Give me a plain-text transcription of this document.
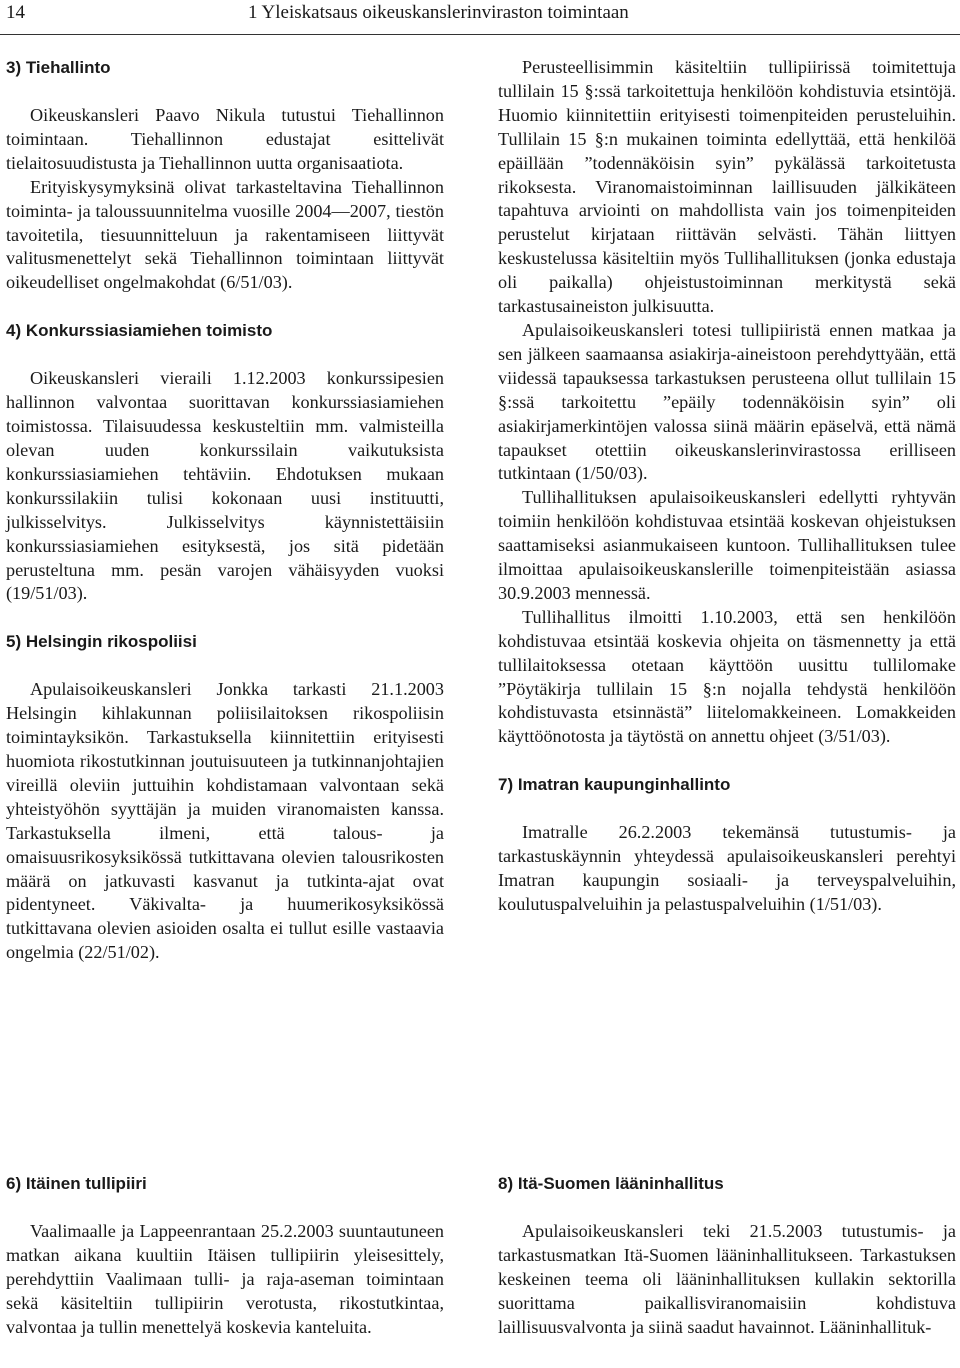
14	1 Yleiskatsaus oikeuskanslerinviraston toimintaan
3) Tiehallinto

Oikeuskansleri Paavo Nikula tutustui Tiehallinnon toimintaan. Tiehallinnon edustajat esittelivät tielaitosuudistusta ja Tiehallinnon uutta organisaatiota.

Erityiskysymyksinä olivat tarkasteltavina Tiehallinnon toiminta- ja taloussuunnitelma vuosille 2004—2007, tiestön tavoitetila, tiesuunnitteluun ja rakentamiseen liittyvät valitusmenettelyt sekä Tiehallinnon toimintaan liittyvät oikeudelliset ongelmakohdat (6/51/03).

4) Konkurssiasiamiehen toimisto

Oikeuskansleri vieraili 1.12.2003 konkurssipesien hallinnon valvontaa suorittavan konkurssiasiamiehen toimistossa. Tilaisuudessa keskusteltiin mm. valmisteilla olevan uuden konkurssilain vaikutuksista konkurssiasiamiehen tehtäviin. Ehdotuksen mukaan konkurssilakiin tulisi kokonaan uusi instituutti, julkisselvitys. Julkisselvitys käynnistettäisiin konkurssiasiamiehen esityksestä, jos sitä pidetään perusteltuna mm. pesän varojen vähäisyyden vuoksi (19/51/03).

5) Helsingin rikospoliisi

Apulaisoikeuskansleri Jonkka tarkasti 21.1.2003 Helsingin kihlakunnan poliisilaitoksen rikospoliisin toimintayksikön. Tarkastuksella kiinnitettiin erityisesti huomiota rikostutkinnan joutuisuuteen ja tutkinnanjohtajien vireillä oleviin juttuihin kohdistamaan valvontaan sekä yhteistyöhön syyttäjän ja muiden viranomaisten kanssa. Tarkastuksella ilmeni, että talous- ja omaisuusrikosyksikössä tutkittavana olevien talousrikosten määrä on jatkuvasti kasvanut ja tutkinta-ajat ovat pidentyneet. Väkivalta- ja huumerikosyksikössä tutkittavana olevien asioiden osalta ei tullut esille vastaavia ongelmia (22/51/02).

Perusteellisimmin käsiteltiin tullipiirissä toimitettuja tullilain 15 §:ssä tarkoitettuja henkilöön kohdistuvia etsintöjä. Huomio kiinnitettiin erityisesti toimenpiteiden perusteluihin. Tullilain 15 §:n mukainen toiminta edellyttää, että henkilöä epäillään ”todennäköisin syin” pykälässä tarkoitetusta rikoksesta. Viranomaistoiminnan laillisuuden jälkikäteen tapahtuva arviointi on mahdollista vain jos toimenpiteiden perustelut kirjataan riittävän selvästi. Tähän liittyen keskustelussa käsiteltiin myös Tullihallituksen (jonka edustaja oli paikalla) ohjeistustoiminnan merkitystä sekä tarkastusaineiston julkisuutta.

Apulaisoikeuskansleri totesi tullipiiristä ennen matkaa ja sen jälkeen saamaansa asiakirja-aineistoon perehdyttyään, että viidessä tapauksessa tarkastuksen perusteena ollut tullilain 15 §:ssä tarkoitettu ”epäily todennäköisin syin” oli asiakirjamerkintöjen valossa siinä määrin epäselvä, että nämä tapaukset otettiin oikeuskanslerinvirastossa erilliseen tutkintaan (1/50/03).

Tullihallituksen apulaisoikeuskansleri edellytti ryhtyvän toimiin henkilöön kohdistuvaa etsintää koskevan ohjeistuksen saattamiseksi asianmukaiseen kuntoon. Tullihallituksen tulee ilmoittaa apulaisoikeuskanslerille toimenpiteistään asiassa 30.9.2003 mennessä.

Tullihallitus ilmoitti 1.10.2003, että sen henkilöön kohdistuvaa etsintää koskevia ohjeita on täsmennetty ja että tullilaitoksessa otetaan käyttöön uusittu tullilomake ”Pöytäkirja tullilain 15 §:n nojalla tehdystä henkilöön kohdistuvasta etsinnästä” liitelomakkeineen. Lomakkeiden käyttöönotosta ja täytöstä on annettu ohjeet (3/51/03).

7) Imatran kaupunginhallinto

Imatralle 26.2.2003 tekemänsä tutustumis- ja tarkastuskäynnin yhteydessä apulaisoikeuskansleri perehtyi Imatran kaupungin sosiaali- ja terveyspalveluihin, koulutuspalveluihin ja pelastuspalveluihin (1/51/03).

6) Itäinen tullipiiri

Vaalimaalle ja Lappeenrantaan 25.2.2003 suuntautuneen matkan aikana kuultiin Itäisen tullipiirin yleisesittely, perehdyttiin Vaalimaan tulli- ja raja-aseman toimintaan sekä käsiteltiin tullipiirin verotusta, rikostutkintaa, valvontaa ja tullin menettelyä koskevia kanteluita.

8) Itä-Suomen lääninhallitus

Apulaisoikeuskansleri teki 21.5.2003 tutustumis- ja tarkastusmatkan Itä-Suomen lääninhallitukseen. Tarkastuksen keskeinen teema oli lääninhallituksen kullakin sektorilla suorittama paikallisviranomaisiin kohdistuva laillisuusvalvonta ja siinä saadut havainnot. Lääninhallituk-
